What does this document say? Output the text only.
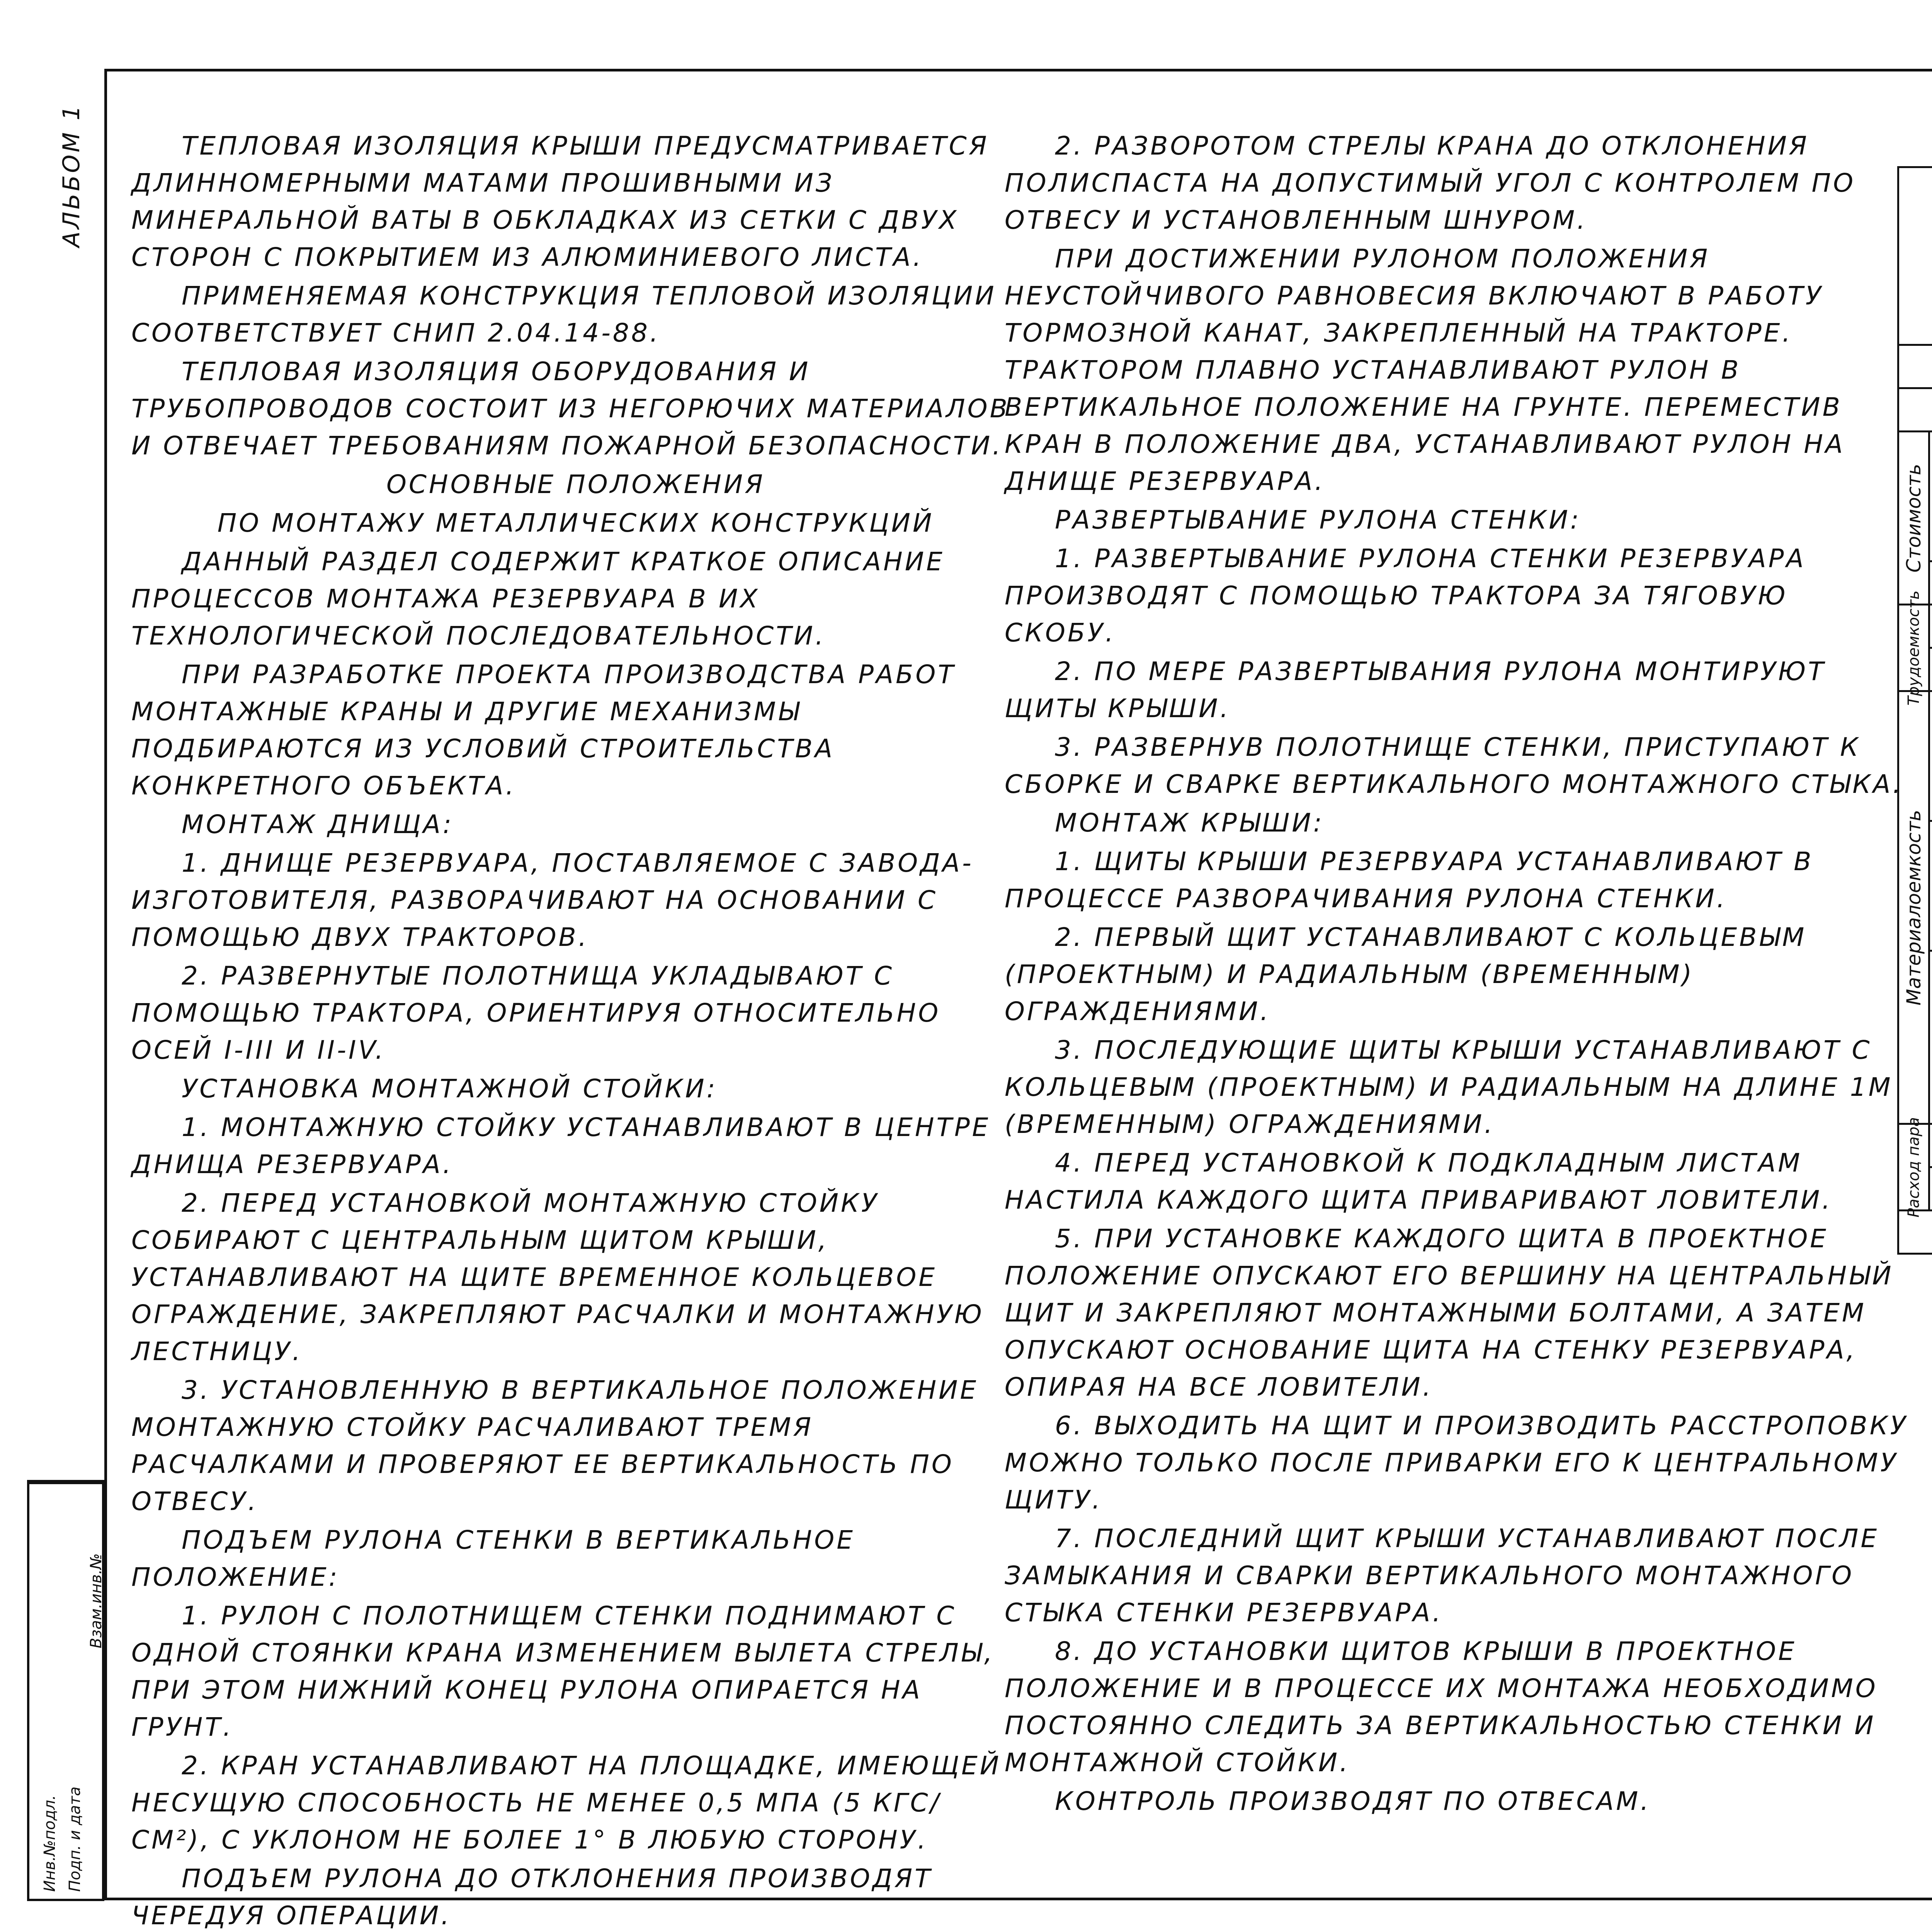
АЛЬБОМ 1
Инв.№подл. Подп. и дата
Взам.инв.№

ТЕПЛОВАЯ ИЗОЛЯЦИЯ КРЫШИ ПРЕДУСМАТРИВАЕТСЯ ДЛИННОМЕРНЫМИ МАТАМИ ПРОШИВНЫМИ ИЗ МИНЕРАЛЬНОЙ ВАТЫ В ОБКЛАДКАХ ИЗ СЕТКИ С ДВУХ СТОРОН С ПОКРЫТИЕМ ИЗ АЛЮМИНИЕВОГО ЛИСТА.

ПРИМЕНЯЕМАЯ КОНСТРУКЦИЯ ТЕПЛОВОЙ ИЗОЛЯЦИИ СООТВЕТСТВУЕТ СНИП 2.04.14-88.

ТЕПЛОВАЯ ИЗОЛЯЦИЯ ОБОРУДОВАНИЯ И ТРУБОПРОВОДОВ СОСТОИТ ИЗ НЕГОРЮЧИХ МАТЕРИАЛОВ И ОТВЕЧАЕТ ТРЕБОВАНИЯМ ПОЖАРНОЙ БЕЗОПАСНОСТИ.

ОСНОВНЫЕ ПОЛОЖЕНИЯ

ПО МОНТАЖУ МЕТАЛЛИЧЕСКИХ КОНСТРУКЦИЙ

ДАННЫЙ РАЗДЕЛ СОДЕРЖИТ КРАТКОЕ ОПИСАНИЕ ПРОЦЕССОВ МОНТАЖА РЕЗЕРВУАРА В ИХ ТЕХНОЛОГИЧЕСКОЙ ПОСЛЕДОВАТЕЛЬНОСТИ.

ПРИ РАЗРАБОТКЕ ПРОЕКТА ПРОИЗВОДСТВА РАБОТ МОНТАЖНЫЕ КРАНЫ И ДРУГИЕ МЕХАНИЗМЫ ПОДБИРАЮТСЯ ИЗ УСЛОВИЙ СТРОИТЕЛЬСТВА КОНКРЕТНОГО ОБЪЕКТА.

МОНТАЖ ДНИЩА:

1. ДНИЩЕ РЕЗЕРВУАРА, ПОСТАВЛЯЕМОЕ С ЗАВОДА-ИЗГОТОВИТЕЛЯ, РАЗВОРАЧИВАЮТ НА ОСНОВАНИИ С ПОМОЩЬЮ ДВУХ ТРАКТОРОВ.

2. РАЗВЕРНУТЫЕ ПОЛОТНИЩА УКЛАДЫВАЮТ С ПОМОЩЬЮ ТРАКТОРА, ОРИЕНТИРУЯ ОТНОСИТЕЛЬНО ОСЕЙ I-III И II-IV.

УСТАНОВКА МОНТАЖНОЙ СТОЙКИ:

1. МОНТАЖНУЮ СТОЙКУ УСТАНАВЛИВАЮТ В ЦЕНТРЕ ДНИЩА РЕЗЕРВУАРА.

2. ПЕРЕД УСТАНОВКОЙ МОНТАЖНУЮ СТОЙКУ СОБИРАЮТ С ЦЕНТРАЛЬНЫМ ЩИТОМ КРЫШИ, УСТАНАВЛИВАЮТ НА ЩИТЕ ВРЕМЕННОЕ КОЛЬЦЕВОЕ ОГРАЖДЕНИЕ, ЗАКРЕПЛЯЮТ РАСЧАЛКИ И МОНТАЖНУЮ ЛЕСТНИЦУ.

3. УСТАНОВЛЕННУЮ В ВЕРТИКАЛЬНОЕ ПОЛОЖЕНИЕ МОНТАЖНУЮ СТОЙКУ РАСЧАЛИВАЮТ ТРЕМЯ РАСЧАЛКАМИ И ПРОВЕРЯЮТ ЕЕ ВЕРТИКАЛЬНОСТЬ ПО ОТВЕСУ.

ПОДЪЕМ РУЛОНА СТЕНКИ В ВЕРТИКАЛЬНОЕ ПОЛОЖЕНИЕ:

1. РУЛОН С ПОЛОТНИЩЕМ СТЕНКИ ПОДНИМАЮТ С ОДНОЙ СТОЯНКИ КРАНА ИЗМЕНЕНИЕМ ВЫЛЕТА СТРЕЛЫ, ПРИ ЭТОМ НИЖНИЙ КОНЕЦ РУЛОНА ОПИРАЕТСЯ НА ГРУНТ.

2. КРАН УСТАНАВЛИВАЮТ НА ПЛОЩАДКЕ, ИМЕЮЩЕЙ НЕСУЩУЮ СПОСОБНОСТЬ НЕ МЕНЕЕ 0,5 МПА (5 КГС/СМ²), С УКЛОНОМ НЕ БОЛЕЕ 1° В ЛЮБУЮ СТОРОНУ.

ПОДЪЕМ РУЛОНА ДО ОТКЛОНЕНИЯ ПРОИЗВОДЯТ ЧЕРЕДУЯ ОПЕРАЦИИ.

2. РАЗВОРОТОМ СТРЕЛЫ КРАНА ДО ОТКЛОНЕНИЯ ПОЛИСПАСТА НА ДОПУСТИМЫЙ УГОЛ С КОНТРОЛЕМ ПО ОТВЕСУ И УСТАНОВЛЕННЫМ ШНУРОМ.

ПРИ ДОСТИЖЕНИИ РУЛОНОМ ПОЛОЖЕНИЯ НЕУСТОЙЧИВОГО РАВНОВЕСИЯ ВКЛЮЧАЮТ В РАБОТУ ТОРМОЗНОЙ КАНАТ, ЗАКРЕПЛЕННЫЙ НА ТРАКТОРЕ. ТРАКТОРОМ ПЛАВНО УСТАНАВЛИВАЮТ РУЛОН В ВЕРТИКАЛЬНОЕ ПОЛОЖЕНИЕ НА ГРУНТЕ. ПЕРЕМЕСТИВ КРАН В ПОЛОЖЕНИЕ ДВА, УСТАНАВЛИВАЮТ РУЛОН НА ДНИЩЕ РЕЗЕРВУАРА.

РАЗВЕРТЫВАНИЕ РУЛОНА СТЕНКИ:

1. РАЗВЕРТЫВАНИЕ РУЛОНА СТЕНКИ РЕЗЕРВУАРА ПРОИЗВОДЯТ С ПОМОЩЬЮ ТРАКТОРА ЗА ТЯГОВУЮ СКОБУ.

2. ПО МЕРЕ РАЗВЕРТЫВАНИЯ РУЛОНА МОНТИРУЮТ ЩИТЫ КРЫШИ.

3. РАЗВЕРНУВ ПОЛОТНИЩЕ СТЕНКИ, ПРИСТУПАЮТ К СБОРКЕ И СВАРКЕ ВЕРТИКАЛЬНОГО МОНТАЖНОГО СТЫКА.

МОНТАЖ КРЫШИ:

1. ЩИТЫ КРЫШИ РЕЗЕРВУАРА УСТАНАВЛИВАЮТ В ПРОЦЕССЕ РАЗВОРАЧИВАНИЯ РУЛОНА СТЕНКИ.

2. ПЕРВЫЙ ЩИТ УСТАНАВЛИВАЮТ С КОЛЬЦЕВЫМ (ПРОЕКТНЫМ) И РАДИАЛЬНЫМ (ВРЕМЕННЫМ) ОГРАЖДЕНИЯМИ.

3. ПОСЛЕДУЮЩИЕ ЩИТЫ КРЫШИ УСТАНАВЛИВАЮТ С КОЛЬЦЕВЫМ (ПРОЕКТНЫМ) И РАДИАЛЬНЫМ НА ДЛИНЕ 1М (ВРЕМЕННЫМ) ОГРАЖДЕНИЯМИ.

4. ПЕРЕД УСТАНОВКОЙ К ПОДКЛАДНЫМ ЛИСТАМ НАСТИЛА КАЖДОГО ЩИТА ПРИВАРИВАЮТ ЛОВИТЕЛИ.

5. ПРИ УСТАНОВКЕ КАЖДОГО ЩИТА В ПРОЕКТНОЕ ПОЛОЖЕНИЕ ОПУСКАЮТ ЕГО ВЕРШИНУ НА ЦЕНТРАЛЬНЫЙ ЩИТ И ЗАКРЕПЛЯЮТ МОНТАЖНЫМИ БОЛТАМИ, А ЗАТЕМ ОПУСКАЮТ ОСНОВАНИЕ ЩИТА НА СТЕНКУ РЕЗЕРВУАРА, ОПИРАЯ НА ВСЕ ЛОВИТЕЛИ.

6. ВЫХОДИТЬ НА ЩИТ И ПРОИЗВОДИТЬ РАССТРОПОВКУ МОЖНО ТОЛЬКО ПОСЛЕ ПРИВАРКИ ЕГО К ЦЕНТРАЛЬНОМУ ЩИТУ.

7. ПОСЛЕДНИЙ ЩИТ КРЫШИ УСТАНАВЛИВАЮТ ПОСЛЕ ЗАМЫКАНИЯ И СВАРКИ ВЕРТИКАЛЬНОГО МОНТАЖНОГО СТЫКА СТЕНКИ РЕЗЕРВУАРА.

8. ДО УСТАНОВКИ ЩИТОВ КРЫШИ В ПРОЕКТНОЕ ПОЛОЖЕНИЕ И В ПРОЦЕССЕ ИХ МОНТАЖА НЕОБХОДИМО ПОСТОЯННО СЛЕДИТЬ ЗА ВЕРТИКАЛЬНОСТЬЮ СТЕНКИ И МОНТАЖНОЙ СТОЙКИ.

КОНТРОЛЬ ПРОИЗВОДЯТ ПО ОТВЕСАМ.

Стоимость

Трудоемкость

Материалоемкость

Расход пара
